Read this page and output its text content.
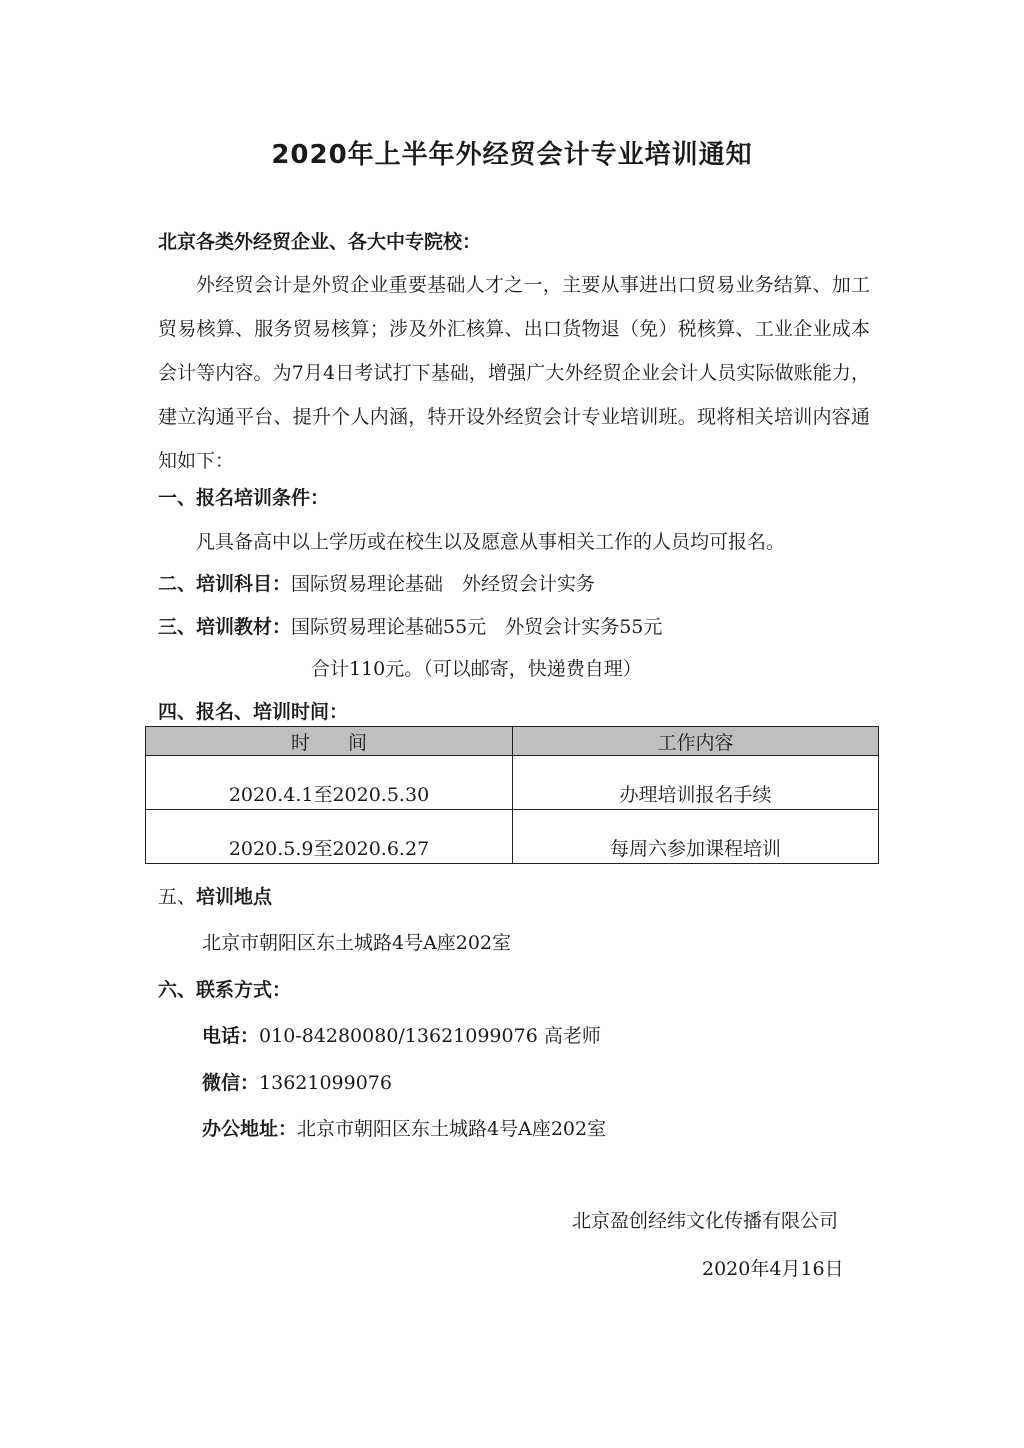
2020年上半年外经贸会计专业培训通知
北京各类外经贸企业、各大中专院校：
外经贸会计是外贸企业重要基础人才之一，主要从事进出口贸易业务结算、加工贸易核算、服务贸易核算；涉及外汇核算、出口货物退（免）税核算、工业企业成本会计等内容。为7月4日考试打下基础，增强广大外经贸企业会计人员实际做账能力，建立沟通平台、提升个人内涵，特开设外经贸会计专业培训班。现将相关培训内容通知如下：
一、报名培训条件：
凡具备高中以上学历或在校生以及愿意从事相关工作的人员均可报名。
二、培训科目：国际贸易理论基础　外经贸会计实务
三、培训教材：国际贸易理论基础55元　外贸会计实务55元
合计110元。（可以邮寄，快递费自理）
四、报名、培训时间：
时　　间	工作内容
2020.4.1至2020.5.30	办理培训报名手续
2020.5.9至2020.6.27	每周六参加课程培训
五、培训地点
北京市朝阳区东土城路4号A座202室
六、联系方式：
电话：010-84280080/13621099076 高老师
微信：13621099076
办公地址：北京市朝阳区东土城路4号A座202室
北京盈创经纬文化传播有限公司
2020年4月16日
